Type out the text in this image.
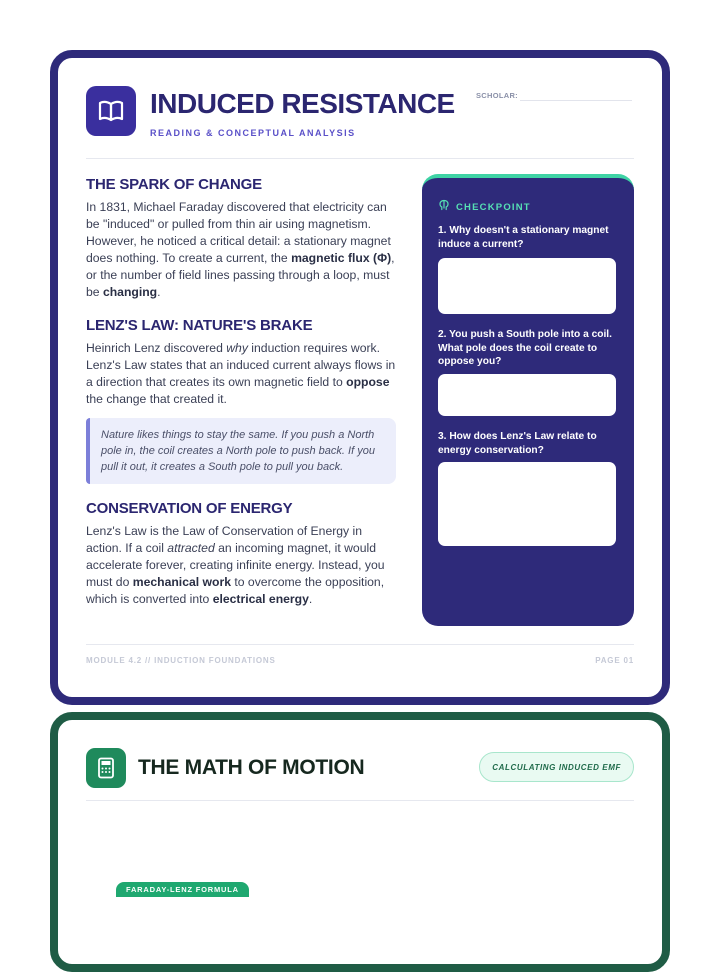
INDUCED RESISTANCE

READING & CONCEPTUAL ANALYSIS

SCHOLAR:
THE SPARK OF CHANGE

In 1831, Michael Faraday discovered that electricity can be "induced" or pulled from thin air using magnetism. However, he noticed a critical detail: a stationary magnet does nothing. To create a current, the magnetic flux (Φ), or the number of field lines passing through a loop, must be changing.

LENZ'S LAW: NATURE'S BRAKE

Heinrich Lenz discovered why induction requires work. Lenz's Law states that an induced current always flows in a direction that creates its own magnetic field to oppose the change that created it.

Nature likes things to stay the same. If you push a North pole in, the coil creates a North pole to push back. If you pull it out, it creates a South pole to pull you back.
CONSERVATION OF ENERGY

Lenz's Law is the Law of Conservation of Energy in action. If a coil attracted an incoming magnet, it would accelerate forever, creating infinite energy. Instead, you must do mechanical work to overcome the opposition, which is converted into electrical energy.

CHECKPOINT

1. Why doesn't a stationary magnet induce a current?

2. You push a South pole into a coil. What pole does the coil create to oppose you?

3. How does Lenz's Law relate to energy conservation?

MODULE 4.2 // INDUCTION FOUNDATIONS	PAGE 01
THE MATH OF MOTION	CALCULATING INDUCED EMF
FARADAY-LENZ FORMULA
